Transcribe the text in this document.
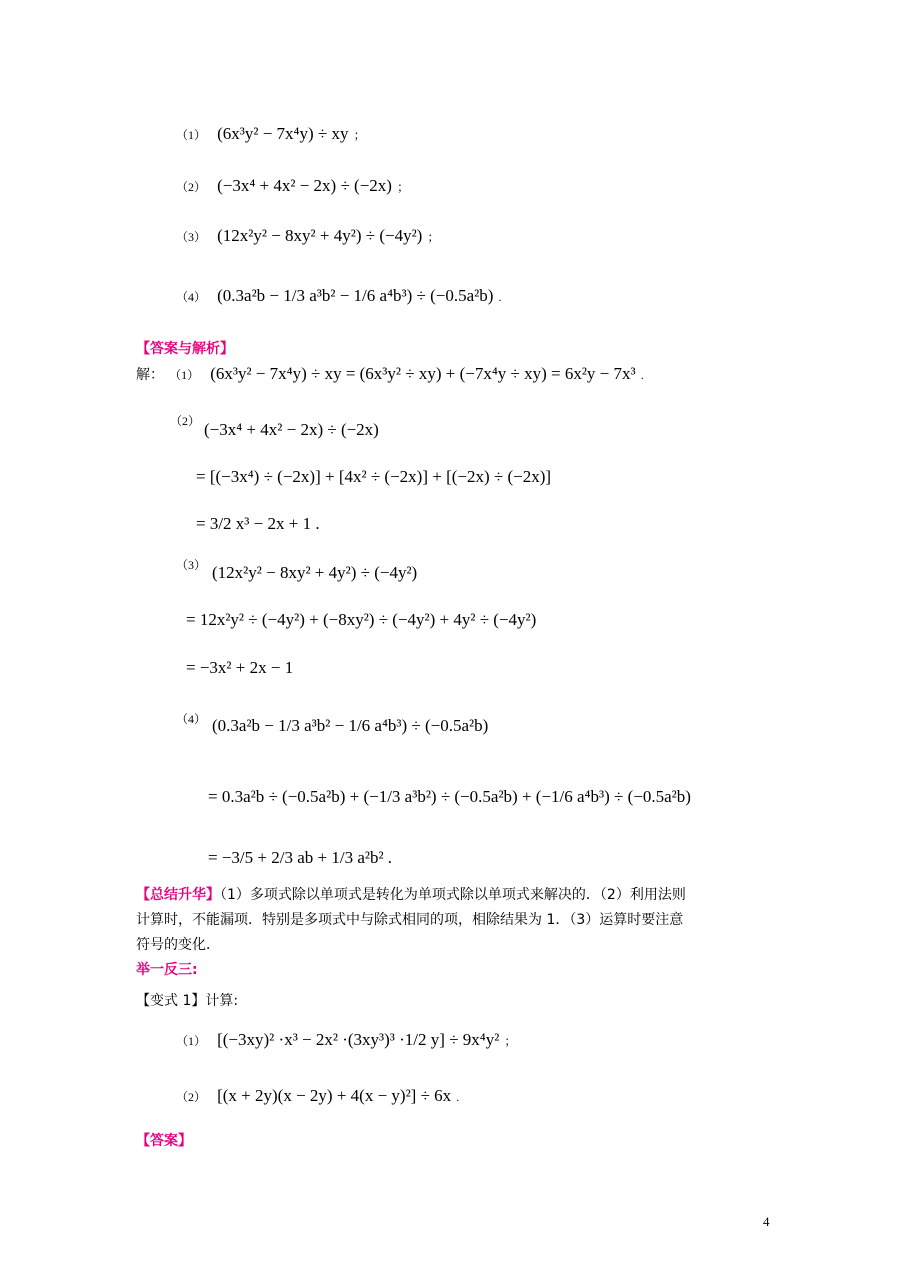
（1） (6x³y² − 7x⁴y) ÷ xy ；
（2） (−3x⁴ + 4x² − 2x) ÷ (−2x) ；
（3） (12x²y² − 8xy² + 4y²) ÷ (−4y²) ；
（4） (0.3a²b − 1/3 a³b² − 1/6 a⁴b³) ÷ (−0.5a²b) .
【答案与解析】
解： （1） (6x³y² − 7x⁴y) ÷ xy = (6x³y² ÷ xy) + (−7x⁴y ÷ xy) = 6x²y − 7x³ .
（2） (−3x⁴ + 4x² − 2x) ÷ (−2x)
= [(−3x⁴) ÷ (−2x)] + [4x² ÷ (−2x)] + [(−2x) ÷ (−2x)]
= 3/2 x³ − 2x + 1 .
（3） (12x²y² − 8xy² + 4y²) ÷ (−4y²)
= 12x²y² ÷ (−4y²) + (−8xy²) ÷ (−4y²) + 4y² ÷ (−4y²)
= −3x² + 2x − 1
（4） (0.3a²b − 1/3 a³b² − 1/6 a⁴b³) ÷ (−0.5a²b)
= 0.3a²b ÷ (−0.5a²b) + (−1/3 a³b²) ÷ (−0.5a²b) + (−1/6 a⁴b³) ÷ (−0.5a²b)
= −3/5 + 2/3 ab + 1/3 a²b² .
【总结升华】（1）多项式除以单项式是转化为单项式除以单项式来解决的．（2）利用法则
计算时，不能漏项．特别是多项式中与除式相同的项，相除结果为 1．（3）运算时要注意
符号的变化．
举一反三:
【变式 1】计算:
（1） [(−3xy)² ·x³ − 2x² ·(3xy³)³ ·1/2 y] ÷ 9x⁴y² ；
（2） [(x + 2y)(x − 2y) + 4(x − y)²] ÷ 6x .
【答案】
4
